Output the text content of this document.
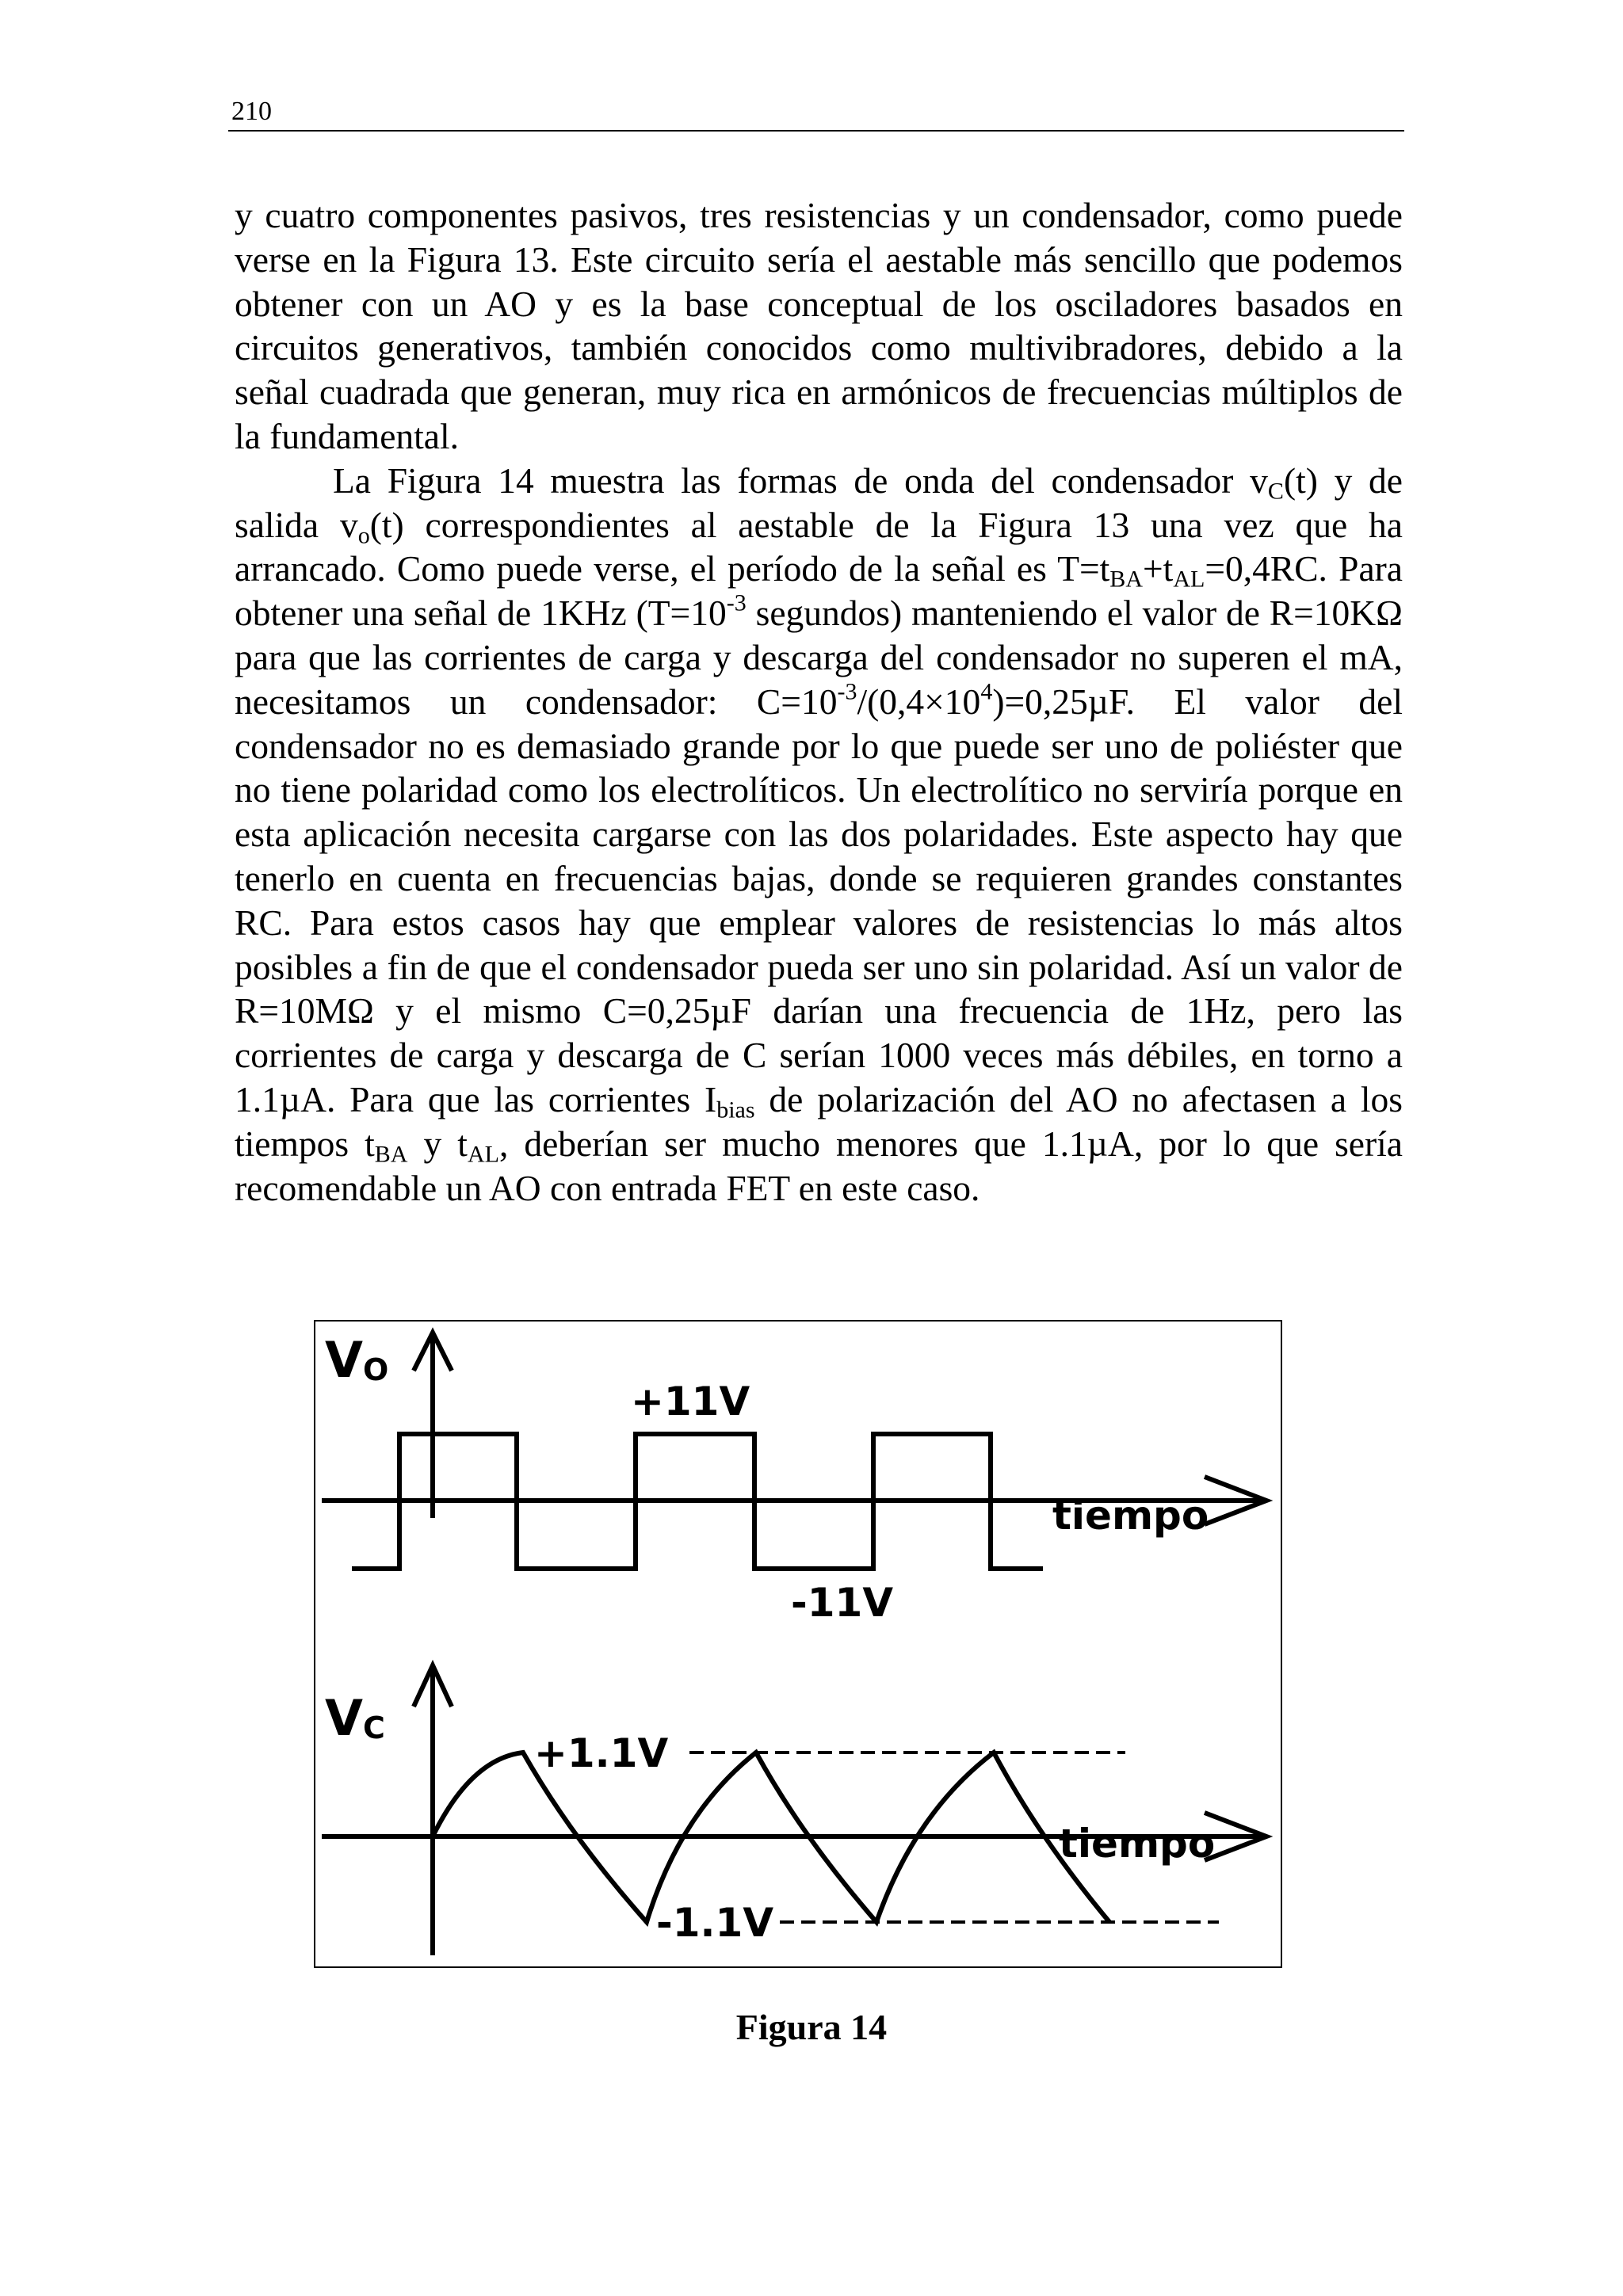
210

y cuatro componentes pasivos, tres resistencias y un condensador, como puede verse en la Figura 13. Este circuito sería el aestable más sencillo que podemos obtener con un AO y es la base conceptual de los osciladores basados en circuitos generativos, también conocidos como multivibradores, debido a la señal cuadrada que generan, muy rica en armónicos de frecuencias múltiplos de la fundamental.

La Figura 14 muestra las formas de onda del condensador $v_C(t)$ y de salida $v_o(t)$ correspondientes al aestable de la Figura 13 una vez que ha arrancado. Como puede verse, el período de la señal es $T=t_{BA}+t_{AL}=0,4RC$. Para obtener una señal de 1KHz ($T=10^{-3}$ segundos) manteniendo el valor de R=10KΩ para que las corrientes de carga y descarga del condensador no superen el mA, necesitamos un condensador: $C=10^{-3}/(0,4\times 10^4)=0,25\mu F$. El valor del condensador no es demasiado grande por lo que puede ser uno de poliéster que no tiene polaridad como los electrolíticos. Un electrolítico no serviría porque en esta aplicación necesita cargarse con las dos polaridades. Este aspecto hay que tenerlo en cuenta en frecuencias bajas, donde se requieren grandes constantes RC. Para estos casos hay que emplear valores de resistencias lo más altos posibles a fin de que el condensador pueda ser uno sin polaridad. Así un valor de R=10MΩ y el mismo C=0,25µF darían una frecuencia de 1Hz, pero las corrientes de carga y descarga de C serían 1000 veces más débiles, en torno a 1.1µA. Para que las corrientes $I_{bias}$ de polarización del AO no afectasen a los tiempos $t_{BA}$ y $t_{AL}$, deberían ser mucho menores que 1.1µA, por lo que sería recomendable un AO con entrada FET en este caso.

VO
+11V
-11V
tiempo
VC
+1.1V
-1.1V
tiempo
Figura 14
